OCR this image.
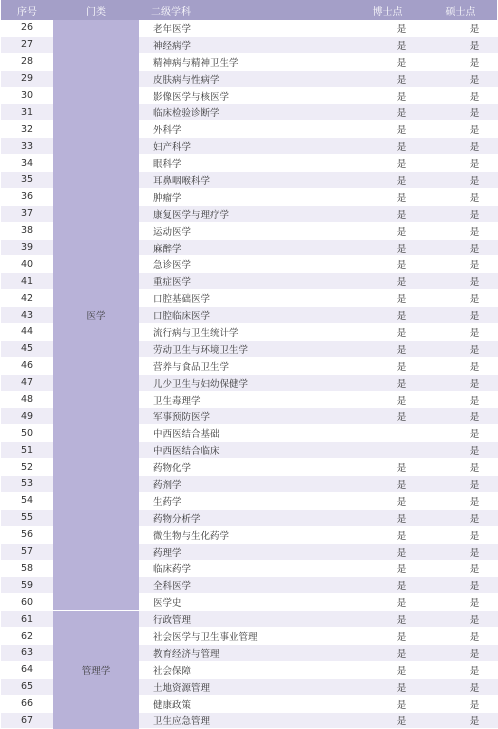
序号	门类	二级学科	博士点	硕士点
26	医学	老年医学	是	是
27		神经病学	是	是
28		精神病与精神卫生学	是	是
29		皮肤病与性病学	是	是
30		影像医学与核医学	是	是
31		临床检验诊断学	是	是
32		外科学	是	是
33		妇产科学	是	是
34		眼科学	是	是
35		耳鼻咽喉科学	是	是
36		肿瘤学	是	是
37		康复医学与理疗学	是	是
38		运动医学	是	是
39		麻醉学	是	是
40		急诊医学	是	是
41		重症医学	是	是
42		口腔基础医学	是	是
43		口腔临床医学	是	是
44		流行病与卫生统计学	是	是
45		劳动卫生与环境卫生学	是	是
46		营养与食品卫生学	是	是
47		儿少卫生与妇幼保健学	是	是
48		卫生毒理学	是	是
49		军事预防医学	是	是
50		中西医结合基础		是
51		中西医结合临床		是
52		药物化学	是	是
53		药剂学	是	是
54		生药学	是	是
55		药物分析学	是	是
56		微生物与生化药学	是	是
57		药理学	是	是
58		临床药学	是	是
59		全科医学	是	是
60		医学史	是	是
61	管理学	行政管理	是	是
62		社会医学与卫生事业管理	是	是
63		教育经济与管理	是	是
64		社会保障	是	是
65		土地资源管理	是	是
66		健康政策	是	是
67		卫生应急管理	是	是
